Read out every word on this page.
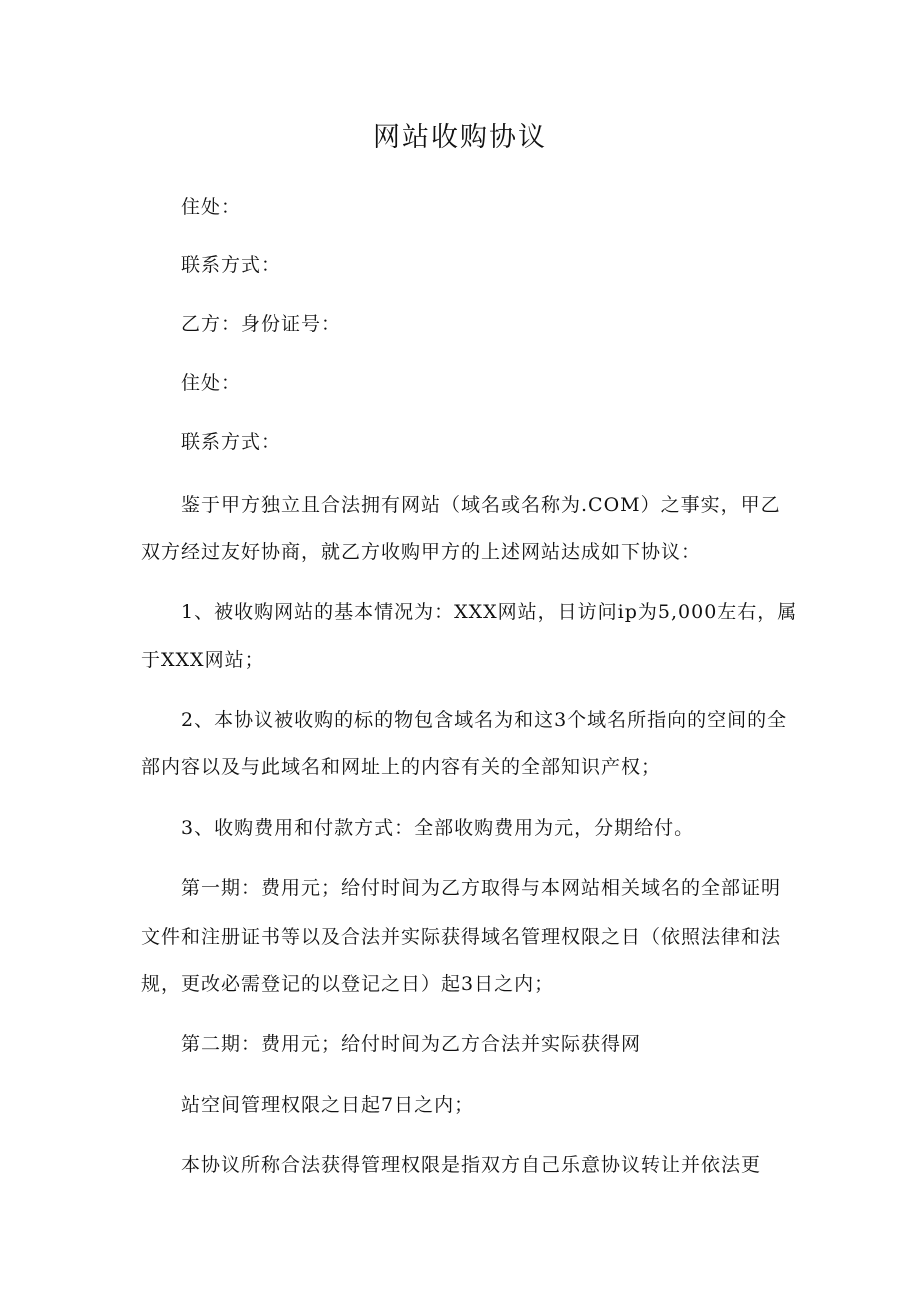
网站收购协议
住处：
联系方式：
乙方：身份证号：
住处：
联系方式：
鉴于甲方独立且合法拥有网站（域名或名称为.COM）之事实，甲乙
双方经过友好协商，就乙方收购甲方的上述网站达成如下协议：
1、被收购网站的基本情况为：XXX网站，日访问ip为5,000左右，属
于XXX网站；
2、本协议被收购的标的物包含域名为和这3个域名所指向的空间的全
部内容以及与此域名和网址上的内容有关的全部知识产权；
3、收购费用和付款方式：全部收购费用为元，分期给付。
第一期：费用元；给付时间为乙方取得与本网站相关域名的全部证明
文件和注册证书等以及合法并实际获得域名管理权限之日（依照法律和法
规，更改必需登记的以登记之日）起3日之内；
第二期：费用元；给付时间为乙方合法并实际获得网
站空间管理权限之日起7日之内；
本协议所称合法获得管理权限是指双方自己乐意协议转让并依法更
